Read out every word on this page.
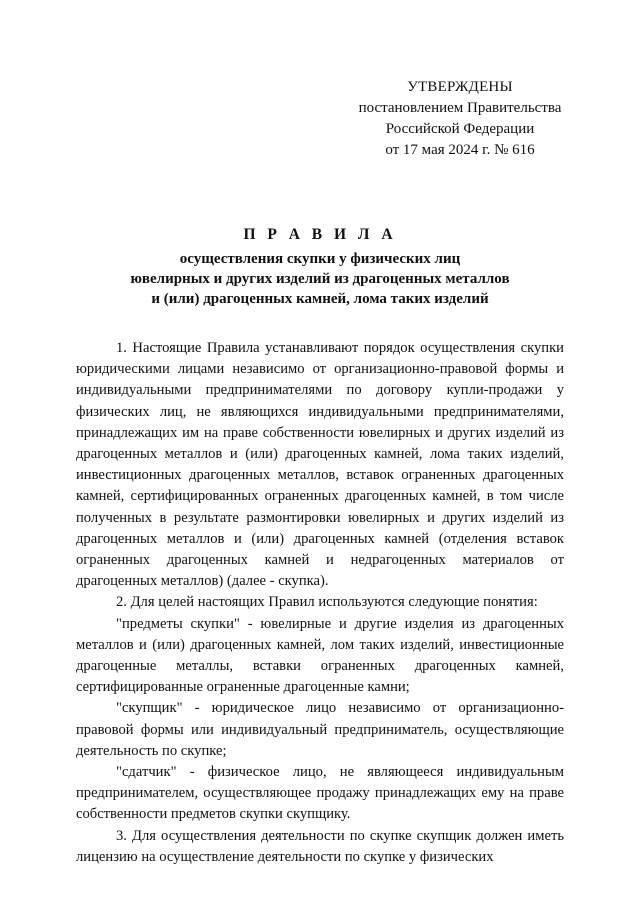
УТВЕРЖДЕНЫ
постановлением Правительства
Российской Федерации
от 17 мая 2024 г. № 616
П Р А В И Л А
осуществления скупки у физических лиц
ювелирных и других изделий из драгоценных металлов
и (или) драгоценных камней, лома таких изделий

1. Настоящие Правила устанавливают порядок осуществления скупки юридическими лицами независимо от организационно-правовой формы и индивидуальными предпринимателями по договору купли-продажи у физических лиц, не являющихся индивидуальными предпринимателями, принадлежащих им на праве собственности ювелирных и других изделий из драгоценных металлов и (или) драгоценных камней, лома таких изделий, инвестиционных драгоценных металлов, вставок ограненных драгоценных камней, сертифицированных ограненных драгоценных камней, в том числе полученных в результате размонтировки ювелирных и других изделий из драгоценных металлов и (или) драгоценных камней (отделения вставок ограненных драгоценных камней и недрагоценных материалов от драгоценных металлов) (далее - скупка).

2. Для целей настоящих Правил используются следующие понятия:

"предметы скупки" - ювелирные и другие изделия из драгоценных металлов и (или) драгоценных камней, лом таких изделий, инвестиционные драгоценные металлы, вставки ограненных драгоценных камней, сертифицированные ограненные драгоценные камни;

"скупщик" - юридическое лицо независимо от организационно-правовой формы или индивидуальный предприниматель, осуществляющие деятельность по скупке;

"сдатчик" - физическое лицо, не являющееся индивидуальным предпринимателем, осуществляющее продажу принадлежащих ему на праве собственности предметов скупки скупщику.

3. Для осуществления деятельности по скупке скупщик должен иметь лицензию на осуществление деятельности по скупке у физических
